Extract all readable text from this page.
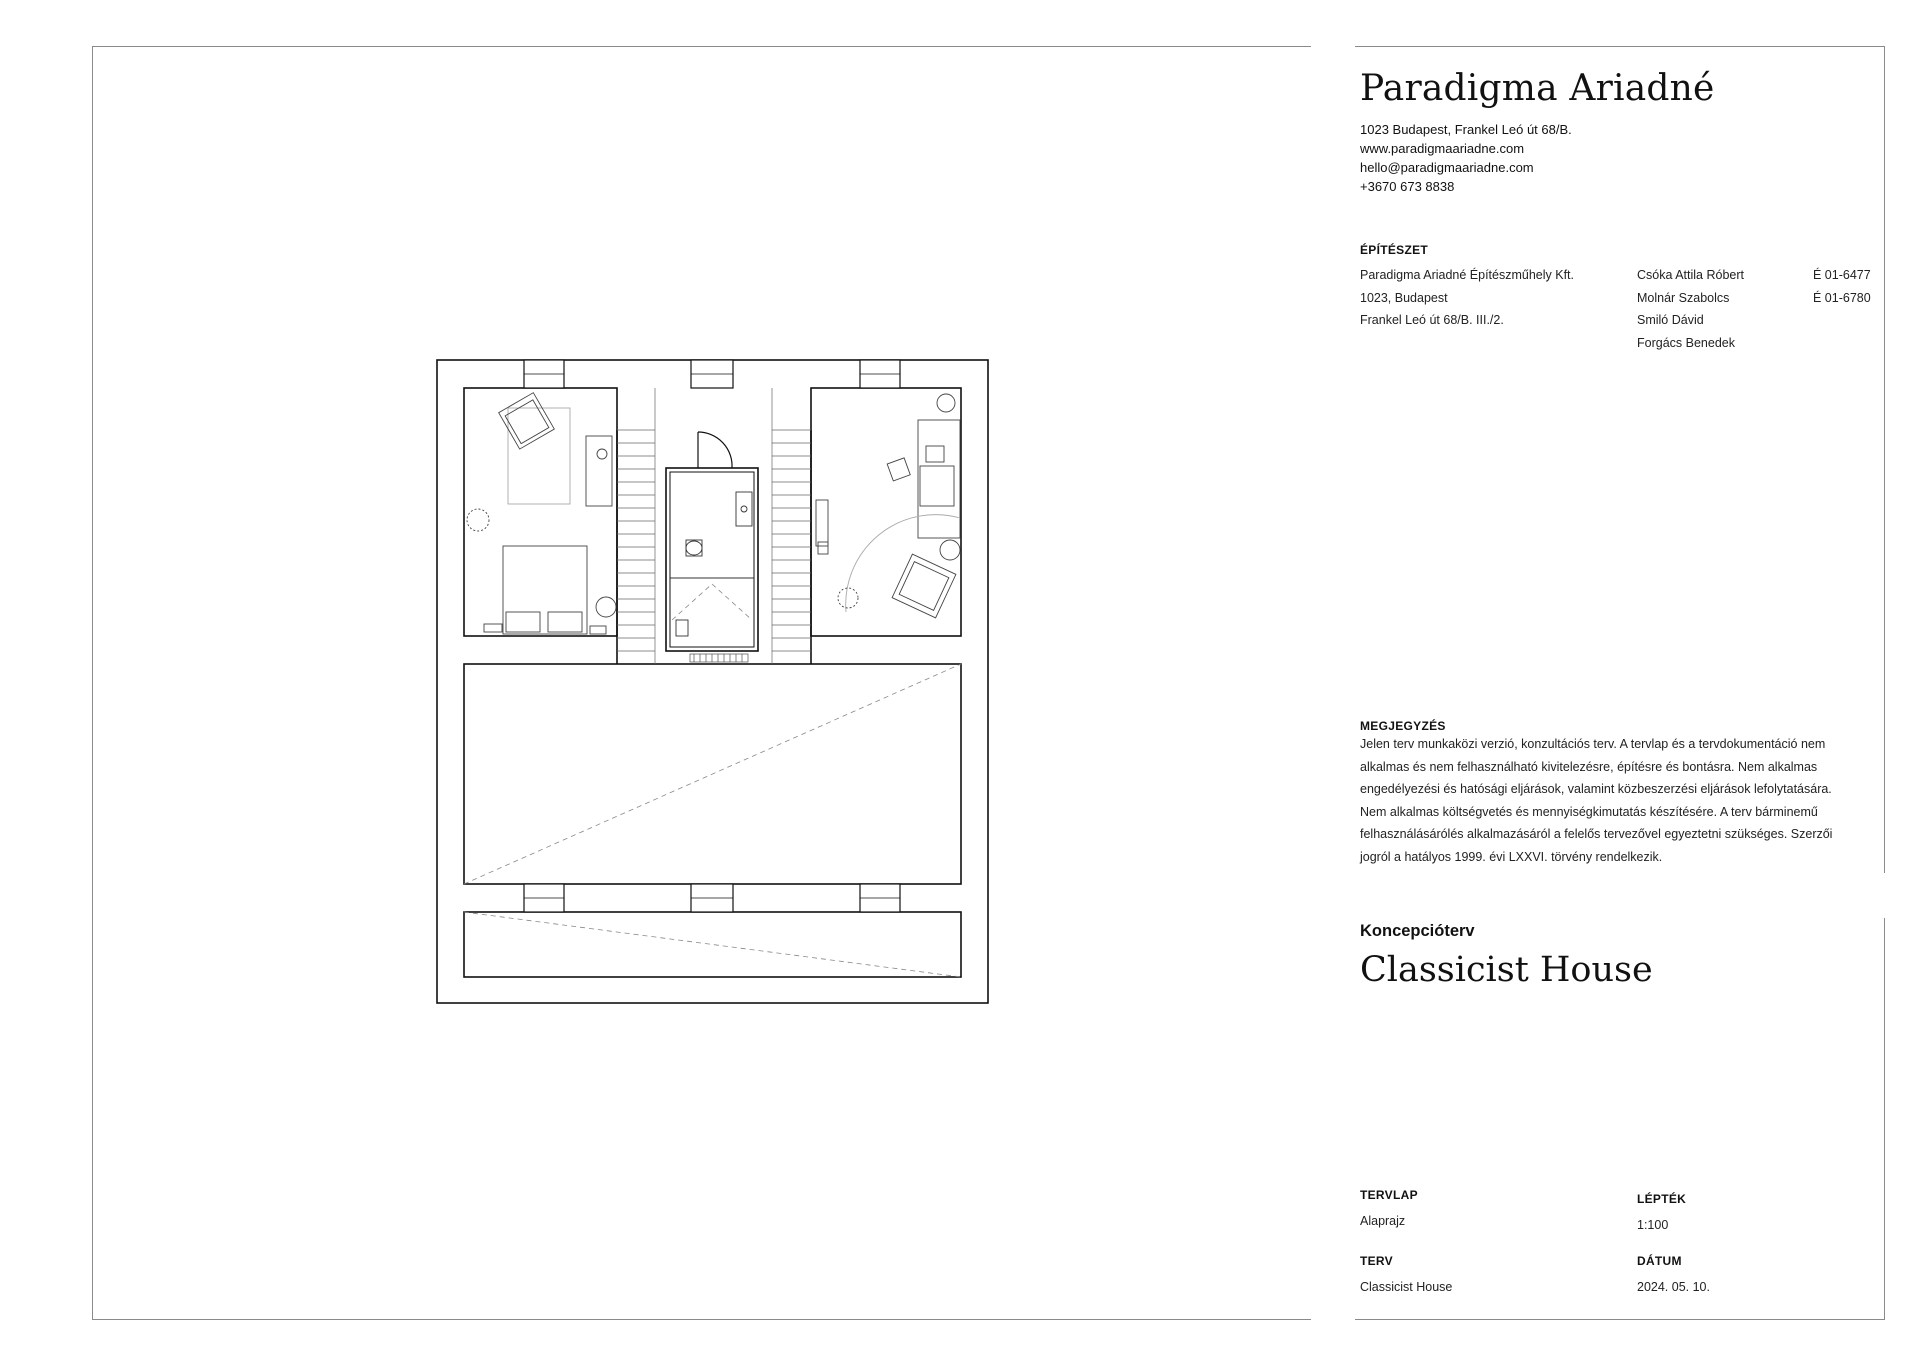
Paradigma Ariadné
1023 Budapest, Frankel Leó út 68/B.
www.paradigmaariadne.com
hello@paradigmaariadne.com
+3670 673 8838
ÉPÍTÉSZET
Paradigma Ariadné Építészműhely Kft.
1023, Budapest
Frankel Leó út 68/B. III./2.
Csóka Attila Róbert	É 01-6477
Molnár Szabolcs	É 01-6780
Smiló Dávid
Forgács Benedek
MEGJEGYZÉS
Jelen terv munkaközi verzió, konzultációs terv. A tervlap és a tervdokumentáció nem alkalmas és nem felhasználható kivitelezésre, építésre és bontásra. Nem alkalmas engedélyezési és hatósági eljárások, valamint közbeszerzési eljárások lefolytatására. Nem alkalmas költségvetés és mennyiségkimutatás készítésére. A terv bárminemű felhasználásárólés alkalmazásáról a felelős tervezővel egyeztetni szükséges. Szerzői jogról a hatályos 1999. évi LXXVI. törvény rendelkezik.
Koncepcióterv
Classicist House
TERVLAP
Alaprajz
LÉPTÉK
1:100
TERV
Classicist House
DÁTUM
2024. 05. 10.
